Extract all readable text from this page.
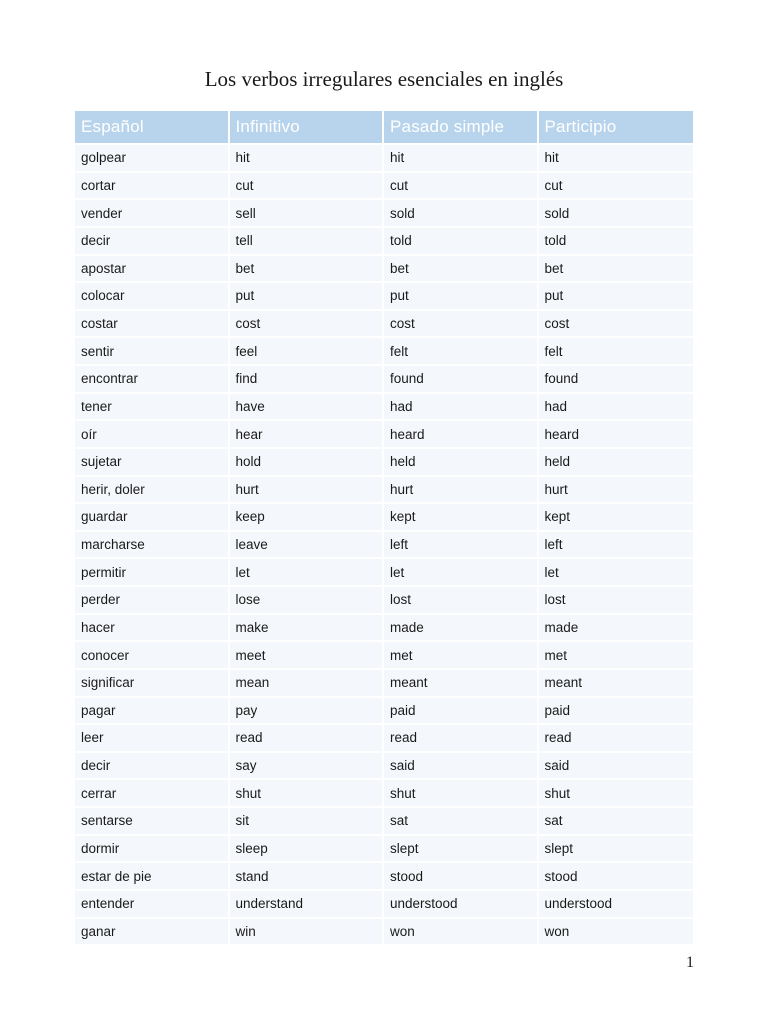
Los verbos irregulares esenciales en inglés
Español	Infinitivo	Pasado simple	Participio
golpear	hit	hit	hit
cortar	cut	cut	cut
vender	sell	sold	sold
decir	tell	told	told
apostar	bet	bet	bet
colocar	put	put	put
costar	cost	cost	cost
sentir	feel	felt	felt
encontrar	find	found	found
tener	have	had	had
oír	hear	heard	heard
sujetar	hold	held	held
herir, doler	hurt	hurt	hurt
guardar	keep	kept	kept
marcharse	leave	left	left
permitir	let	let	let
perder	lose	lost	lost
hacer	make	made	made
conocer	meet	met	met
significar	mean	meant	meant
pagar	pay	paid	paid
leer	read	read	read
decir	say	said	said
cerrar	shut	shut	shut
sentarse	sit	sat	sat
dormir	sleep	slept	slept
estar de pie	stand	stood	stood
entender	understand	understood	understood
ganar	win	won	won
1
